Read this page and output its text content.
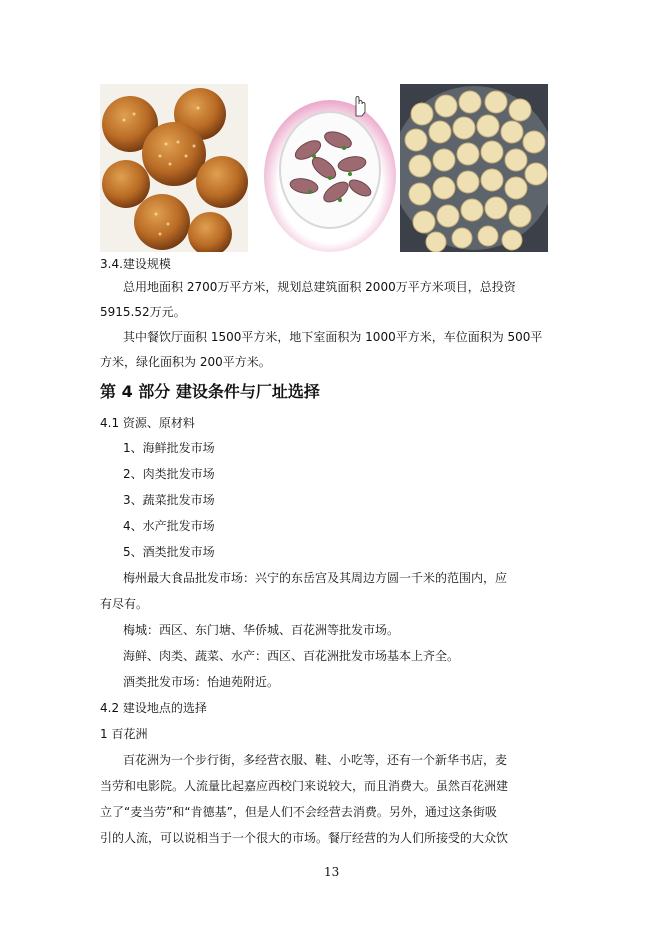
3.4.建设规模
总用地面积 2700万平方米，规划总建筑面积 2000万平方米项目，总投资
5915.52万元。
其中餐饮厅面积 1500平方米，地下室面积为 1000平方米，车位面积为 500平
方米，绿化面积为 200平方米。
第 4 部分 建设条件与厂址选择
4.1 资源、原材料
1、海鲜批发市场
2、肉类批发市场
3、蔬菜批发市场
4、水产批发市场
5、酒类批发市场
梅州最大食品批发市场：兴宁的东岳宫及其周边方圆一千米的范围内，应
有尽有。
梅城：西区、东门塘、华侨城、百花洲等批发市场。
海鲜、肉类、蔬菜、水产：西区、百花洲批发市场基本上齐全。
酒类批发市场：怡迪苑附近。
4.2 建设地点的选择
1 百花洲
百花洲为一个步行街，多经营衣服、鞋、小吃等，还有一个新华书店，麦
当劳和电影院。人流量比起嘉应西校门来说较大，而且消费大。虽然百花洲建
立了“麦当劳”和“肯德基”，但是人们不会经营去消费。另外，通过这条街吸
引的人流，可以说相当于一个很大的市场。餐厅经营的为人们所接受的大众饮
13
